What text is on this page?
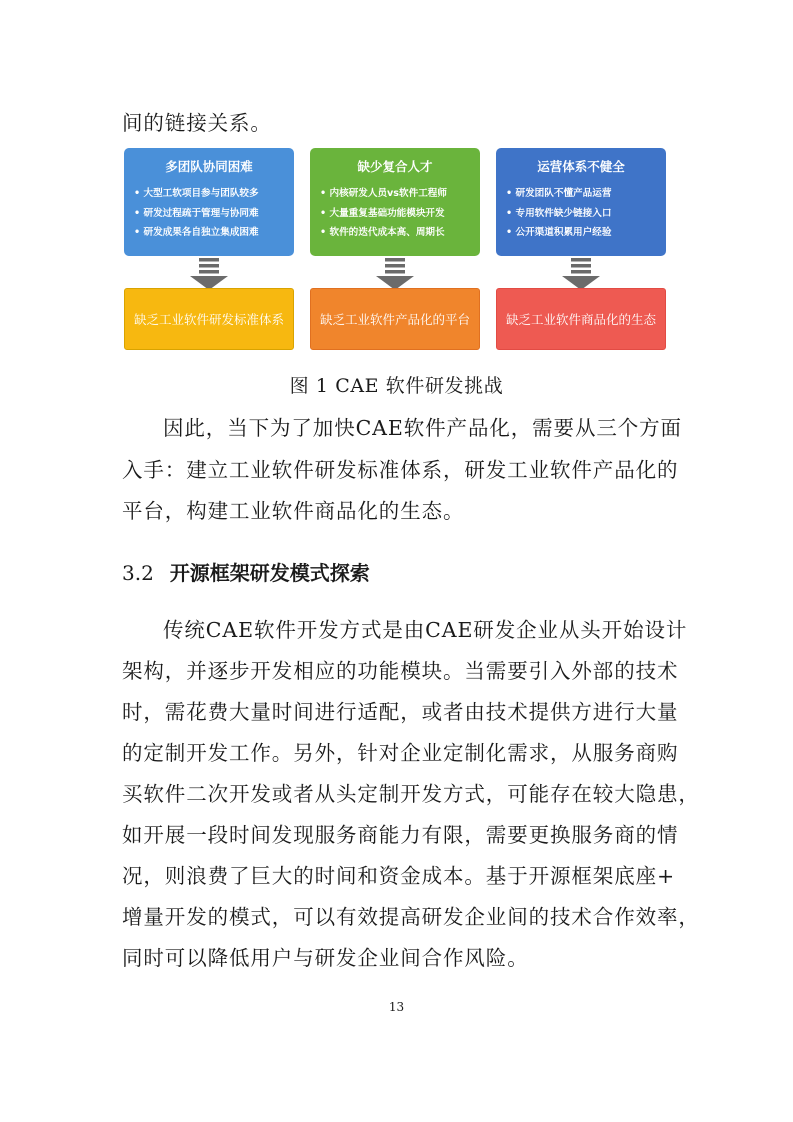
间的链接关系。
多团队协同困难
• 大型工软项目参与团队较多
• 研发过程疏于管理与协同难
• 研发成果各自独立集成困难
缺乏工业软件研发标准体系
缺少复合人才
• 内核研发人员vs软件工程师
• 大量重复基础功能模块开发
• 软件的迭代成本高、周期长
缺乏工业软件产品化的平台
运营体系不健全
• 研发团队不懂产品运营
• 专用软件缺少链接入口
• 公开渠道积累用户经验
缺乏工业软件商品化的生态
图 1 CAE 软件研发挑战
因此，当下为了加快CAE软件产品化，需要从三个方面
入手：建立工业软件研发标准体系，研发工业软件产品化的
平台，构建工业软件商品化的生态。
3.2 开源框架研发模式探索
传统CAE软件开发方式是由CAE研发企业从头开始设计
架构，并逐步开发相应的功能模块。当需要引入外部的技术
时，需花费大量时间进行适配，或者由技术提供方进行大量
的定制开发工作。另外，针对企业定制化需求，从服务商购
买软件二次开发或者从头定制开发方式，可能存在较大隐患，
如开展一段时间发现服务商能力有限，需要更换服务商的情
况，则浪费了巨大的时间和资金成本。基于开源框架底座+
增量开发的模式，可以有效提高研发企业间的技术合作效率，
同时可以降低用户与研发企业间合作风险。
13
